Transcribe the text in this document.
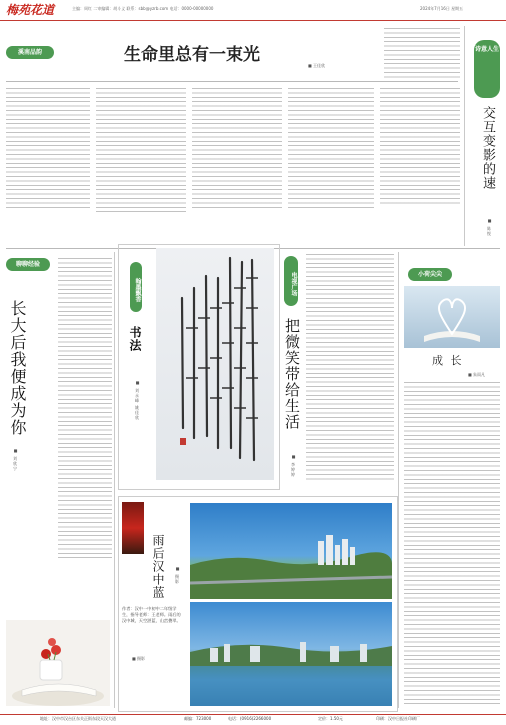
梅苑花道	主编：周红 二审编辑：胡斗义 联系：sbb@yzrb.com 电话：0000-00000000	2024年7月16日 星期五
溪南品韵	生命里总有一束光
■ 王佳欣
诗意人生
交互变影的速
■ 陈悦
聊聊经验
长大后我便成为你
■ 刘欣宁
翰墨飘香
书法
■ 刘永峰 姚佳欣
电视广场
把微笑带给生活
■ 李婷婷
小荷尖尖
成 长
■ 朱雨凡
雨后汉中蓝	■ 摄影
作者：汉中一中初中二年级学生，指导老师：王老师。雨后的汉中城，天空湛蓝，山峦叠翠。
■ 摄影
地址：汉中市汉台区东关正街东段天汉大道	邮编：723000	电话：(0916)2266000	定价：1.50元	印刷：汉中日报社印刷厂
